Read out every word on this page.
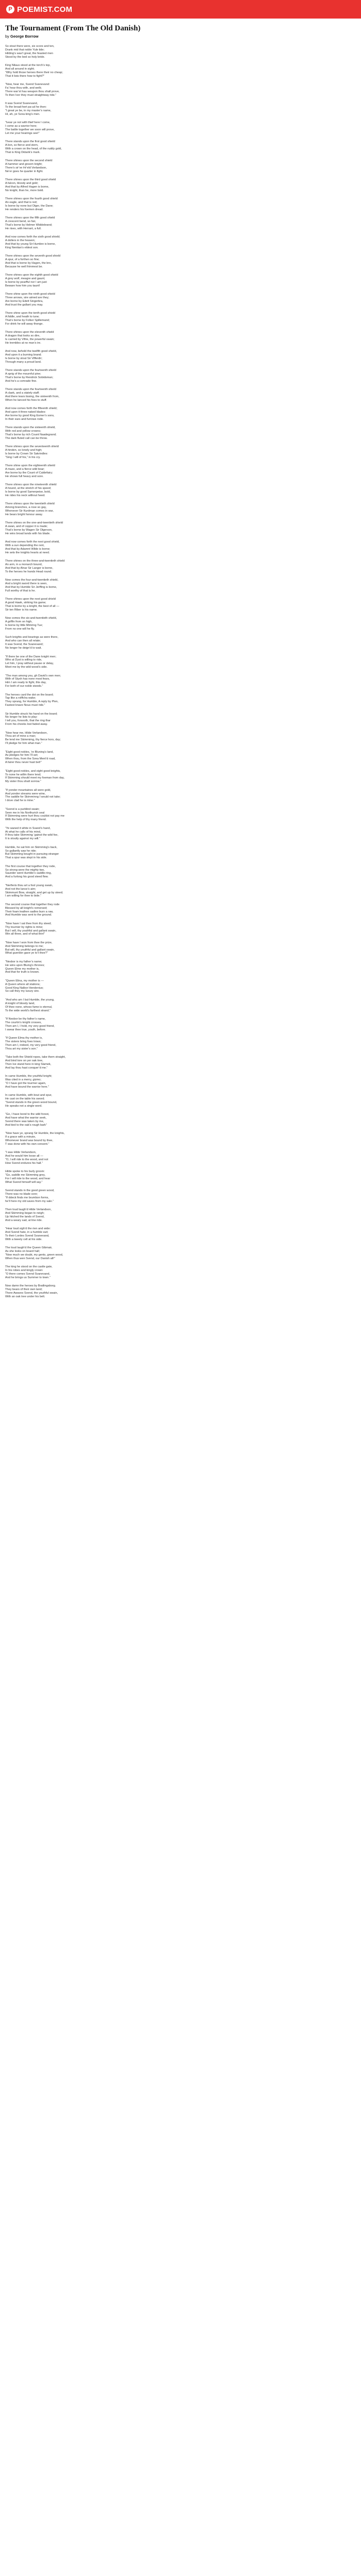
P POEMIST.COM
The Tournament (From The Old Danish)
by George Borrow
So stout there were, six score and ten,
Drank mid that noble Yule tide;
Hilding’s was’t great, the feasted men
Stood by the bed so holy bride.
King Nilaus stood at the torch’s top,
And all around in sight;
“Why hold those heroes there their no cheap;
That it lists there how to fight?”
“Now, hear me, Svend Svanevand:
Fa’ hear thou with, and welk;
There war’st hau weapon thou shall prove,
To then Ivor they must straightway ride.”
It was Svend Svanevand,
To the broad-hert pa-ud he then:
“I great ye be, in my master’s name,
Hi, ah, ye Svea king’s men.
“Ivear ye not with thief here I come,
I come as a warrior here;
The battle together we soon will prove,
Let me your hearings see!”
There stands upon the first good shield
A lion, so fierce and stern,
With a crown on the head, of the ruddy gold,
That is King Didarik’s mark.
There shines upon the second shield
A hammer and gnoom bright;
There’s sir’ve Hr’eld Verlandson,
Ne’er goes he quarter in fight.
There shines upon the third good shield
A falcon, bloody and gold;
And that by Alfred Hagen is borne,
No knight, than he, more bold.
There shines upon the fourth good shield
An eagle, and that is red;
Is borne by none but Olger, the Dane;
He renders his foemen dread.
There shines upon the fifth good shield
A crescent bend, so fair,
That’s borne by Helmer Widdebrand;
He rises, with Herrant, a full.
And now comes forth the sixth good shield;
A dollers in the heaven;
And that by young Sir Humbre is borne,
King Nentian’s eldest son.
There shines upon the seventh good shield
A spur, of a forthen so fine;
And that is borne by Hagen, the bro,
Because he well frimmest be.
There shines upon the eighth good shield
A grey wolf, meagre and gaunt;
Is borne by pearfful nor I am just:
Beware how him you taunt!
There shine upon the ninth good shield
Three arrows, sire aimed are they;
Are borne by Edelt Singerbra,
And trust the gallant you may.
There shine upon the tenth good shield
A fiddle, and heath to tune;
That’s borne by Folker Spillemand;
For drink he will away thonge.
There shines upon the eleventh shield
A dragon that looks so dire,
Is carried by Vifrie, the powerful swain;
He trembles at no man’s ire.
And now, behold the twelfth good shield,
And upon it a burning brand;
Is borne by stout Sir Vifferdir;
Through many a proud land.
There stands upon the fourteenth shield
A sprig of the mournful pine;
That’s borne by Rendrick Sobidsman;
And he’s a comrade fine.
There stands upon the fourteenth shield
A claek, and a stately staff;
And there tears tissing, the sixteenth from,
When he lanced his foes to stuff.
And now comes forth the fifteenth shield;
And upon it three naked blades:
Are borne by good King Esmer’s sons,
In their ears and furrows rode.
There stands upon the sixteenth shield,
With red and yellow crowns;
That’s borne by rich Count Naadegrand;
The dark fluted call can be throw.
There shines upon the seventeenth shield
A hinden, so lonely and high;
Is borne by Crown Sir Sakrindles:
“Sing I will of his,” in his cry.
There shine upon the eighteenth shield
A maze, and a fierce wild boar;
Are borne by the Count of Caldefairy;
He shows full heavy and sore.
There shines upon the nineteenth shield
A hound, at the stretch of his speed;
Is borne by good Samerpeise, bold,
He rides his neck without heed.
There shines upon the twentieth shield
Among branches, a rose so gay,
Whenever Sir Kurdman comes in war,
He bears bright honour away.
There shines on the one-and-twentieth shield
A swan, and of copper it is made;
That’s borne by Wagen Sir Olgerson,
He wins broad lands with his blade.
And now comes forth the next good shield,
With a sun depending the rent,
And that by Adamnt Wilde is borne;
He sets the knights hearts at need.
There shines on the three-and-twentieth shield
An arm, in a monarch bound,
And that by Alnar Sir Langer is borne,
To the heroes he hands Head round.
Now comes the four-and-twentieth shield,
And a bright sword there is seen,
And that by Humble Sir Jerffing is borne,
Full worthy of that is he.
There shines upon the next good shield
A good Hawk, striking his game;
That is borne by a knight, the best of all —
Sir ten Riber is his name.
Now comes the six-and-twentieth shield,
A griffin from on high,
Is borne by little Mimring Tue;
From no one will he fly.
Such knights and bearings as were there,
And who can then all relate;
It was Svend, the Svanevand;
No longer he deign’d to wait.
“If there be one of the Dane knight men;
Who at Dyst is willing to ride,
Let him, I pray without pause or delay,
Meet me by the wild wood’s side.
“The man among you, gh David’s own men;
With of Stysh has none most fears,
Him I am ready to fight, this day,
For both of our noble steeds.”
The heroes card the dot on the board;
Tap like a rolffcha wake;
They sprang, for Humble, A reply by Plen,
Fastest knave Nous must ride.”
Sir Humble struck his hand on the board;
No longer he lists to play:
I tell you, forsooth, that the ring thar
From his cheeks lost faded away.
“Now hear me, Hilde Verlandson,
Thou art of mine a man;
Be lend me Skimmimg, thy fierce hors, day;
I’ll pledge for him what man.”
“Eight good nobles, ‘re Bluning’s land,
As pledges for him I’ll set;
When thou, from the Svea Ment’d road,
A fairer thou never hast bet!”
“Eight good nobles, and eight good knights,
To none he willm there lend;
If Skimming should meet my foeman from day,
My sister thou shalt sorrow.”
“If yonder mountaines all were gold,
And yonder streams were wine,
The saddle for Skimminng I would not take;
I dove clad he is mine.”
“Svend is a purblind swain;
Seen me in his Northurich seal
If Skimming were hurt thou couldst not pay me
With the help of thy many friend.
“Ye waned it white in Svand’s hand,
At what he calls of his mind,
If thou take Skimming ‘gainst the wild foe,
It is stoutly against my will.”
Humble, he sat him on Skimming’s back,
So gallantly saw he ride;
But Skimming bought in pursuing stranger
That a spur was slept in his side.
The first course that together they rode,
So strong were the mighty two,
Saunder went Humble’s saddle-ring,
And a furlong his good steed flew.
“Nerfieris thou art a fool young swain,
And not the lance’s aim;
Skimmunt Bow, straight, and get up by steed;
I am willing for thee to bide.”
The second course that together they rode
Blessed by all knight’s remorsed;
Their foam leathen sadles burn a raw,
And Humble was sent to the ground.
“Now have I sat thee from thy steed;
Thy tournier by rights is mine;
But I will, thy youthful and gallant swain,
Win all three, and of what thin!”
“Now have I won from thee the prize,
And Skimming belongs to me;
But will, thy youthful and gallant swain,
What guerdon gave ye to’t thee?”
“Nesbor is my father’s name;
He wins upon Bluing’s thrones;
Queen Elme my mother is,
And that for truth is known.
“Queen Elina, my mother is —
A Queen where all stations;
Good King Nalbor Hendenius;
So call they my luxury sire.
“And who am I but Humble, the young,
A knight of bloody land,
Of thee none, whoso fame is eternal,
To the wide world’s farthest strand.”
“If Nesbor be thy father’s name,
The courtin’s knight crosses,
Then am I, I hold, my very good friend,
I swear thee true, youth, before.
“If Queen Elma thy mother is,
The sisters bring foes trows;
Then am I, indeed, my very good friend,
Thou art my sister’s son.”
“Take both the Shield ropes, take them straight,
And bind tore on yer oak tree,
Then Ive stand here in king Slamek,
And lay thou hast conquer’d me.”
In came Humble, the youthful knight;
Was cited in a merry, gizmo;
“O I have got the tourmer again,
And have bound the warrior here.”
In came Humble, with bout and spur,
He cast on the table his sword;
“Svend stands in the green wood bound,
He speaks not a single word.
“Go, I have bond to the wild forest,
And have what the warrior seek,
Svend there was taken by me,
And tied to the oak’s rough bark”
“Now have ye, sprang Sir Humble, the knights,
If a grace with a minute,
Whomever brand was bound by thee,
T was done with his own consent.”
“I was Hilde Verlandson,
And he would him loose all —
“O, I will ride to the wood, and not
How Svend endures his hall.”
Hilde spoke to his burly groom:
“Go, saddle me Skimming grey,
For I will ride to the wood, and hear
What Svend himself will say.”
Svend stands in the good green wood,
There was no blade sore;
“If ddeck finds me brumbon forms,
he’ll here my old saves from my sale.”
Then loud laugh’d Hilde Verlandson,
And Skimming began to neigh;
Up hitched the lands of Svend,
And a weary sad, at line ride.
“Hear loud sigh’d the rien and wide:
And Svend hate, in a humble suit;
To their Lordes Svend Svanevand,
With a tweety cell at his side.
The loud laugh’d the Queen Gibmair,
As she looks on board hall;
“Now much we doubt, my gents, green wood,
When thus wen Svend, our Danish all!”
The king he stood on the castle gate,
In his robes and kingly crown:
“O there comes Svend Svanevand,
And he brings us Summer to town.”
Now damn the heroes by Bratlingsborg.
They bears of their own land;
There Awaves Svend, the youthful swain,
With an oak tree under his belt.
